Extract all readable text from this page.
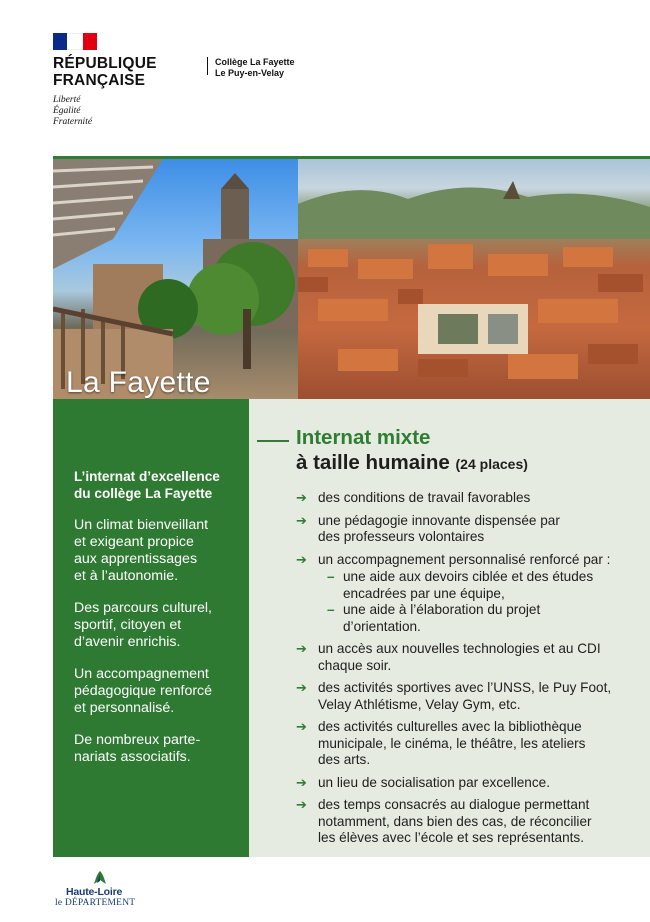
RÉPUBLIQUE
FRANÇAISE
Liberté
Égalité
Fraternité
Collège La Fayette
Le Puy-en-Velay
La Fayette
L’internat d’excellence
du collège La Fayette

Un climat bienveillant
et exigeant propice
aux apprentissages
et à l’autonomie.

Des parcours culturel,
sportif, citoyen et
d’avenir enrichis.

Un accompagnement
pédagogique renforcé
et personnalisé.

De nombreux parte-
nariats associatifs.

Internat mixte
à taille humaine (24 places)
➔ des conditions de travail favorables
➔ une pédagogie innovante dispensée par
des professeurs volontaires
➔ un accompagnement personnalisé renforcé par :
– une aide aux devoirs ciblée et des études
encadrées par une équipe,
– une aide à l’élaboration du projet
d’orientation.
➔ un accès aux nouvelles technologies et au CDI
chaque soir.
➔ des activités sportives avec l’UNSS, le Puy Foot,
Velay Athlétisme, Velay Gym, etc.
➔ des activités culturelles avec la bibliothèque
municipale, le cinéma, le théâtre, les ateliers
des arts.
➔ un lieu de socialisation par excellence.
➔ des temps consacrés au dialogue permettant
notamment, dans bien des cas, de réconcilier
les élèves avec l’école et ses représentants.
Haute-Loire
le DÉPARTEMENT
